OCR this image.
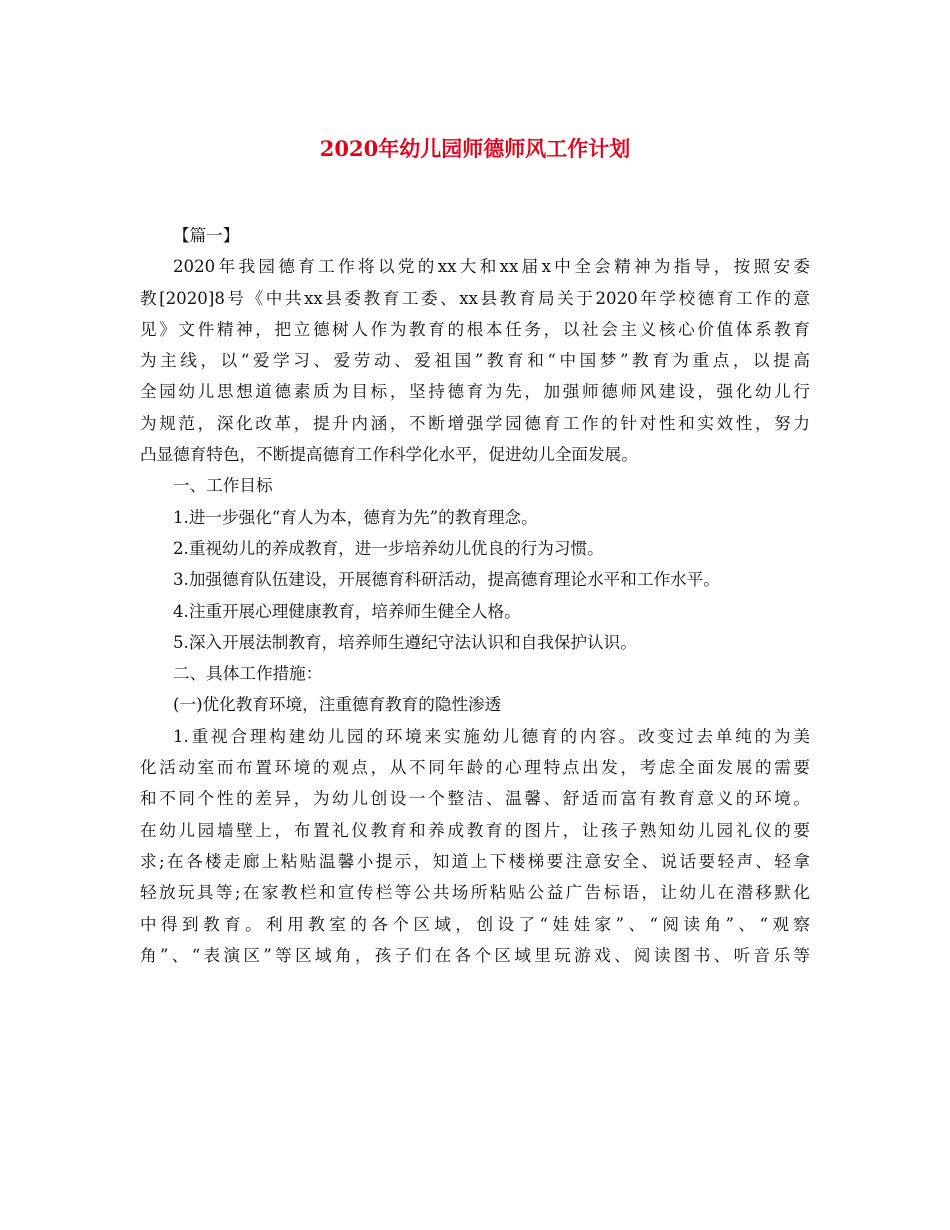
2020年幼儿园师德师风工作计划
【篇一】
2020年我园德育工作将以党的xx大和xx届x中全会精神为指导，按照安委
教[2020]8号《中共xx县委教育工委、xx县教育局关于2020年学校德育工作的意
见》文件精神，把立德树人作为教育的根本任务，以社会主义核心价值体系教育
为主线，以“爱学习、爱劳动、爱祖国”教育和“中国梦”教育为重点，以提高
全园幼儿思想道德素质为目标，坚持德育为先，加强师德师风建设，强化幼儿行
为规范，深化改革，提升内涵，不断增强学园德育工作的针对性和实效性，努力
凸显德育特色，不断提高德育工作科学化水平，促进幼儿全面发展。
一、工作目标
1.进一步强化“育人为本，德育为先”的教育理念。
2.重视幼儿的养成教育，进一步培养幼儿优良的行为习惯。
3.加强德育队伍建设，开展德育科研活动，提高德育理论水平和工作水平。
4.注重开展心理健康教育，培养师生健全人格。
5.深入开展法制教育，培养师生遵纪守法认识和自我保护认识。
二、具体工作措施：
(一)优化教育环境，注重德育教育的隐性渗透
1.重视合理构建幼儿园的环境来实施幼儿德育的内容。改变过去单纯的为美
化活动室而布置环境的观点，从不同年龄的心理特点出发，考虑全面发展的需要
和不同个性的差异，为幼儿创设一个整洁、温馨、舒适而富有教育意义的环境。
在幼儿园墙壁上，布置礼仪教育和养成教育的图片，让孩子熟知幼儿园礼仪的要
求;在各楼走廊上粘贴温馨小提示，知道上下楼梯要注意安全、说话要轻声、轻拿
轻放玩具等;在家教栏和宣传栏等公共场所粘贴公益广告标语，让幼儿在潜移默化
中得到教育。利用教室的各个区域，创设了“娃娃家”、“阅读角”、“观察
角”、“表演区”等区域角，孩子们在各个区域里玩游戏、阅读图书、听音乐等
